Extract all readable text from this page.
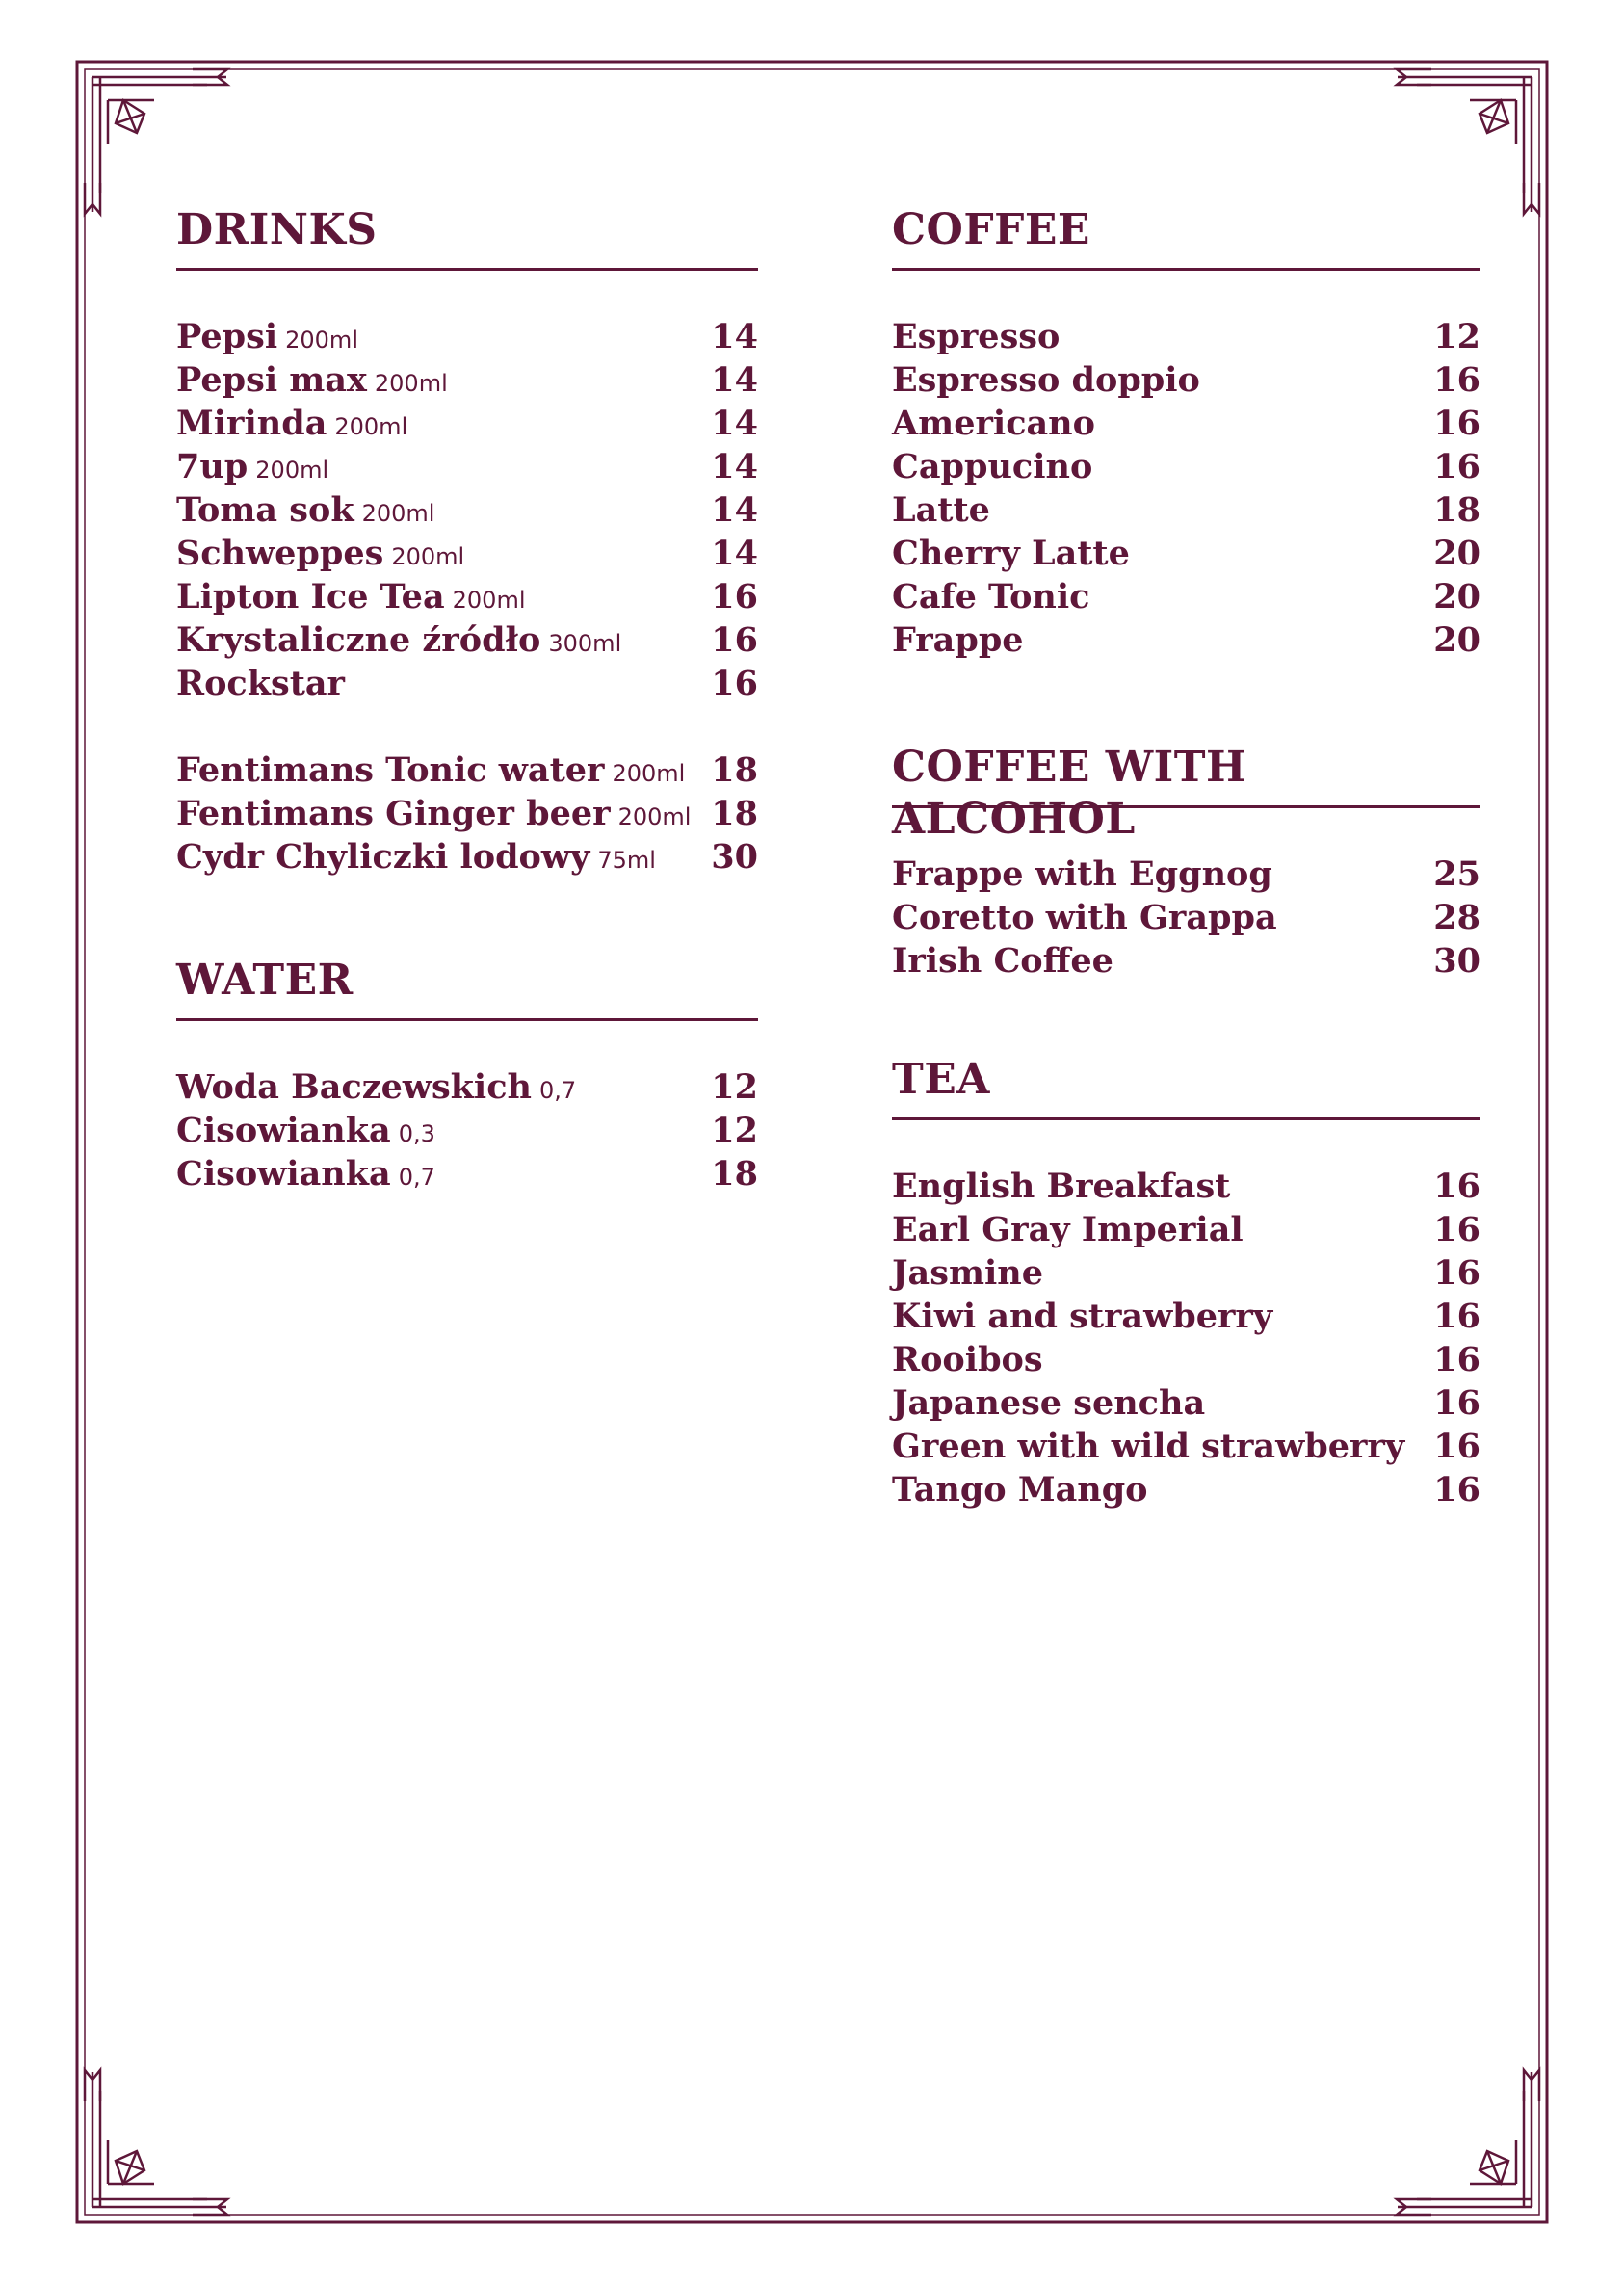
DRINKS
Pepsi 200ml	14
Pepsi max 200ml	14
Mirinda 200ml	14
7up 200ml	14
Toma sok 200ml	14
Schweppes 200ml	14
Lipton Ice Tea 200ml	16
Krystaliczne źródło 300ml	16
Rockstar	16
Fentimans Tonic water 200ml 18
Fentimans Ginger beer 200ml 18
Cydr Chyliczki lodowy 75ml 30
WATER
Woda Baczewskich 0,7	12
Cisowianka 0,3	12
Cisowianka 0,7	18
COFFEE
Espresso	12
Espresso doppio	16
Americano	16
Cappucino	16
Latte	18
Cherry Latte	20
Cafe Tonic	20
Frappe	20
COFFEE WITH ALCOHOL
Frappe with Eggnog	25
Coretto with Grappa	28
Irish Coffee	30
TEA
English Breakfast	16
Earl Gray Imperial	16
Jasmine	16
Kiwi and strawberry	16
Rooibos	16
Japanese sencha	16
Green with wild strawberry 16
Tango Mango	16
